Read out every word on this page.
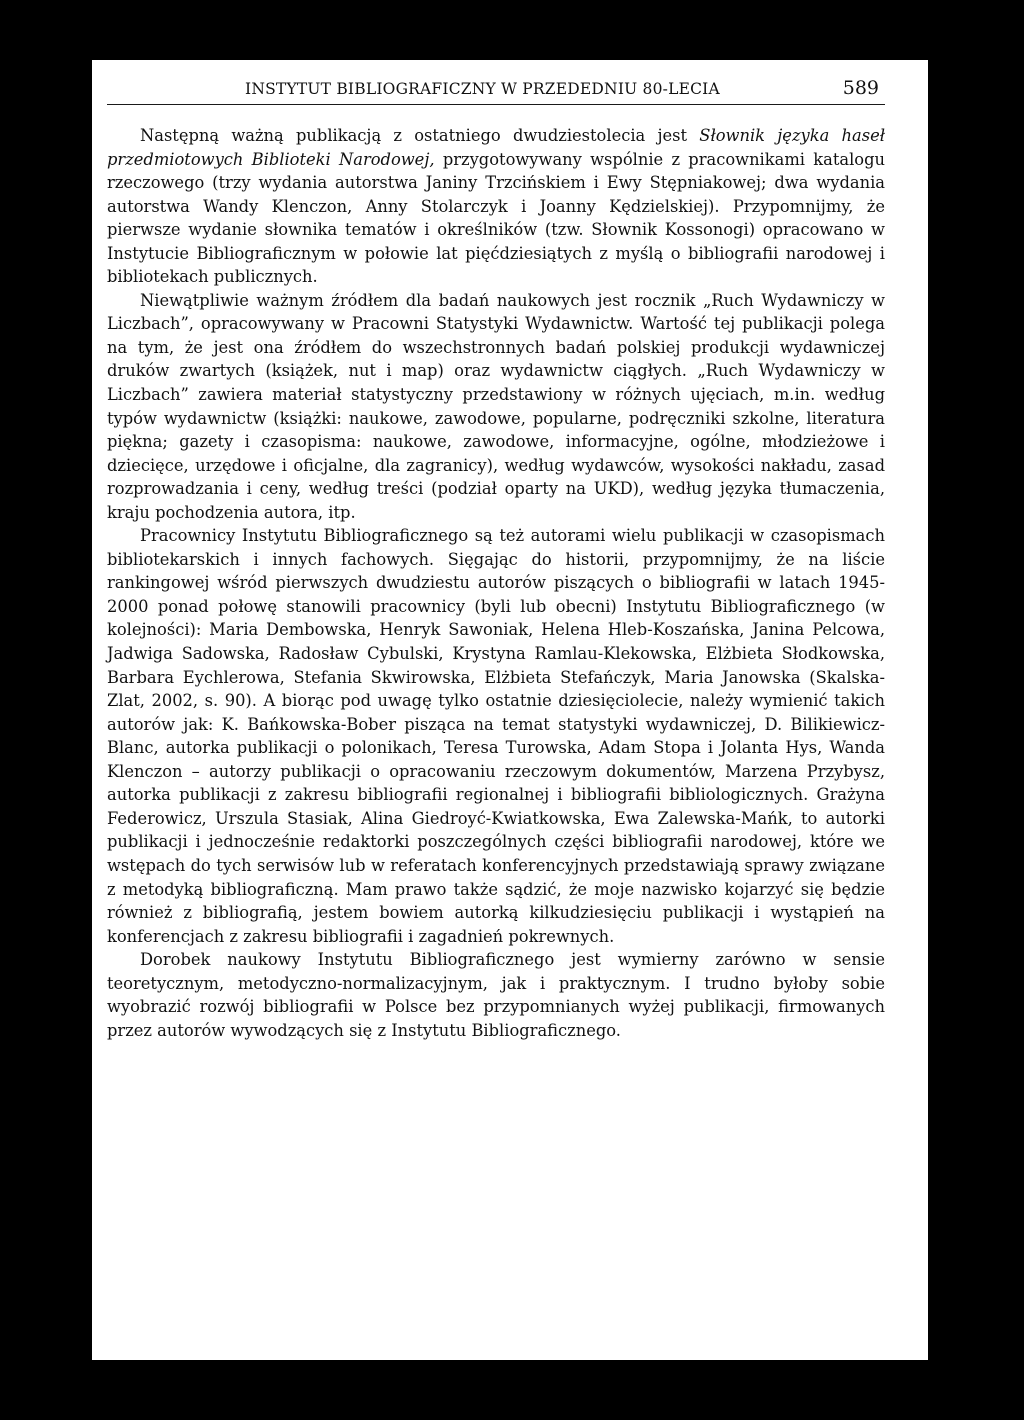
INSTYTUT BIBLIOGRAFICZNY W PRZEDEDNIU 80-LECIA	589

Następną ważną publikacją z ostatniego dwudziestolecia jest Słownik języka haseł przedmiotowych Biblioteki Narodowej, przygotowywany wspólnie z pracownikami katalogu rzeczowego (trzy wydania autorstwa Janiny Trzcińskiem i Ewy Stępniakowej; dwa wydania autorstwa Wandy Klenczon, Anny Stolarczyk i Joanny Kędzielskiej). Przypomnijmy, że pierwsze wydanie słownika tematów i określników (tzw. Słownik Kossonogi) opracowano w Instytucie Bibliograficznym w połowie lat pięćdziesiątych z myślą o bibliografii narodowej i bibliotekach publicznych.

Niewątpliwie ważnym źródłem dla badań naukowych jest rocznik „Ruch Wydawniczy w Liczbach”, opracowywany w Pracowni Statystyki Wydawnictw. Wartość tej publikacji polega na tym, że jest ona źródłem do wszechstronnych badań polskiej produkcji wydawniczej druków zwartych (książek, nut i map) oraz wydawnictw ciągłych. „Ruch Wydawniczy w Liczbach” zawiera materiał statystyczny przedstawiony w różnych ujęciach, m.in. według typów wydawnictw (książki: naukowe, zawodowe, popularne, podręczniki szkolne, literatura piękna; gazety i czasopisma: naukowe, zawodowe, informacyjne, ogólne, młodzieżowe i dziecięce, urzędowe i oficjalne, dla zagranicy), według wydawców, wysokości nakładu, zasad rozprowadzania i ceny, według treści (podział oparty na UKD), według języka tłumaczenia, kraju pochodzenia autora, itp.

Pracownicy Instytutu Bibliograficznego są też autorami wielu publikacji w czasopismach bibliotekarskich i innych fachowych. Sięgając do historii, przypomnijmy, że na liście rankingowej wśród pierwszych dwudziestu autorów piszących o bibliografii w latach 1945-2000 ponad połowę stanowili pracownicy (byli lub obecni) Instytutu Bibliograficznego (w kolejności): Maria Dembowska, Henryk Sawoniak, Helena Hleb-Koszańska, Janina Pelcowa, Jadwiga Sadowska, Radosław Cybulski, Krystyna Ramlau-Klekowska, Elżbieta Słodkowska, Barbara Eychlerowa, Stefania Skwirowska, Elżbieta Stefańczyk, Maria Janowska (Skalska-Zlat, 2002, s. 90). A biorąc pod uwagę tylko ostatnie dziesięciolecie, należy wymienić takich autorów jak: K. Bańkowska-Bober pisząca na temat statystyki wydawniczej, D. Bilikiewicz-Blanc, autorka publikacji o polonikach, Teresa Turowska, Adam Stopa i Jolanta Hys, Wanda Klenczon – autorzy publikacji o opracowaniu rzeczowym dokumentów, Marzena Przybysz, autorka publikacji z zakresu bibliografii regionalnej i bibliografii bibliologicznych. Grażyna Federowicz, Urszula Stasiak, Alina Giedroyć-Kwiatkowska, Ewa Zalewska-Mańk, to autorki publikacji i jednocześnie redaktorki poszczególnych części bibliografii narodowej, które we wstępach do tych serwisów lub w referatach konferencyjnych przedstawiają sprawy związane z metodyką bibliograficzną. Mam prawo także sądzić, że moje nazwisko kojarzyć się będzie również z bibliografią, jestem bowiem autorką kilkudziesięciu publikacji i wystąpień na konferencjach z zakresu bibliografii i zagadnień pokrewnych.

Dorobek naukowy Instytutu Bibliograficznego jest wymierny zarówno w sensie teoretycznym, metodyczno-normalizacyjnym, jak i praktycznym. I trudno byłoby sobie wyobrazić rozwój bibliografii w Polsce bez przypomnianych wyżej publikacji, firmowanych przez autorów wywodzących się z Instytutu Bibliograficznego.
